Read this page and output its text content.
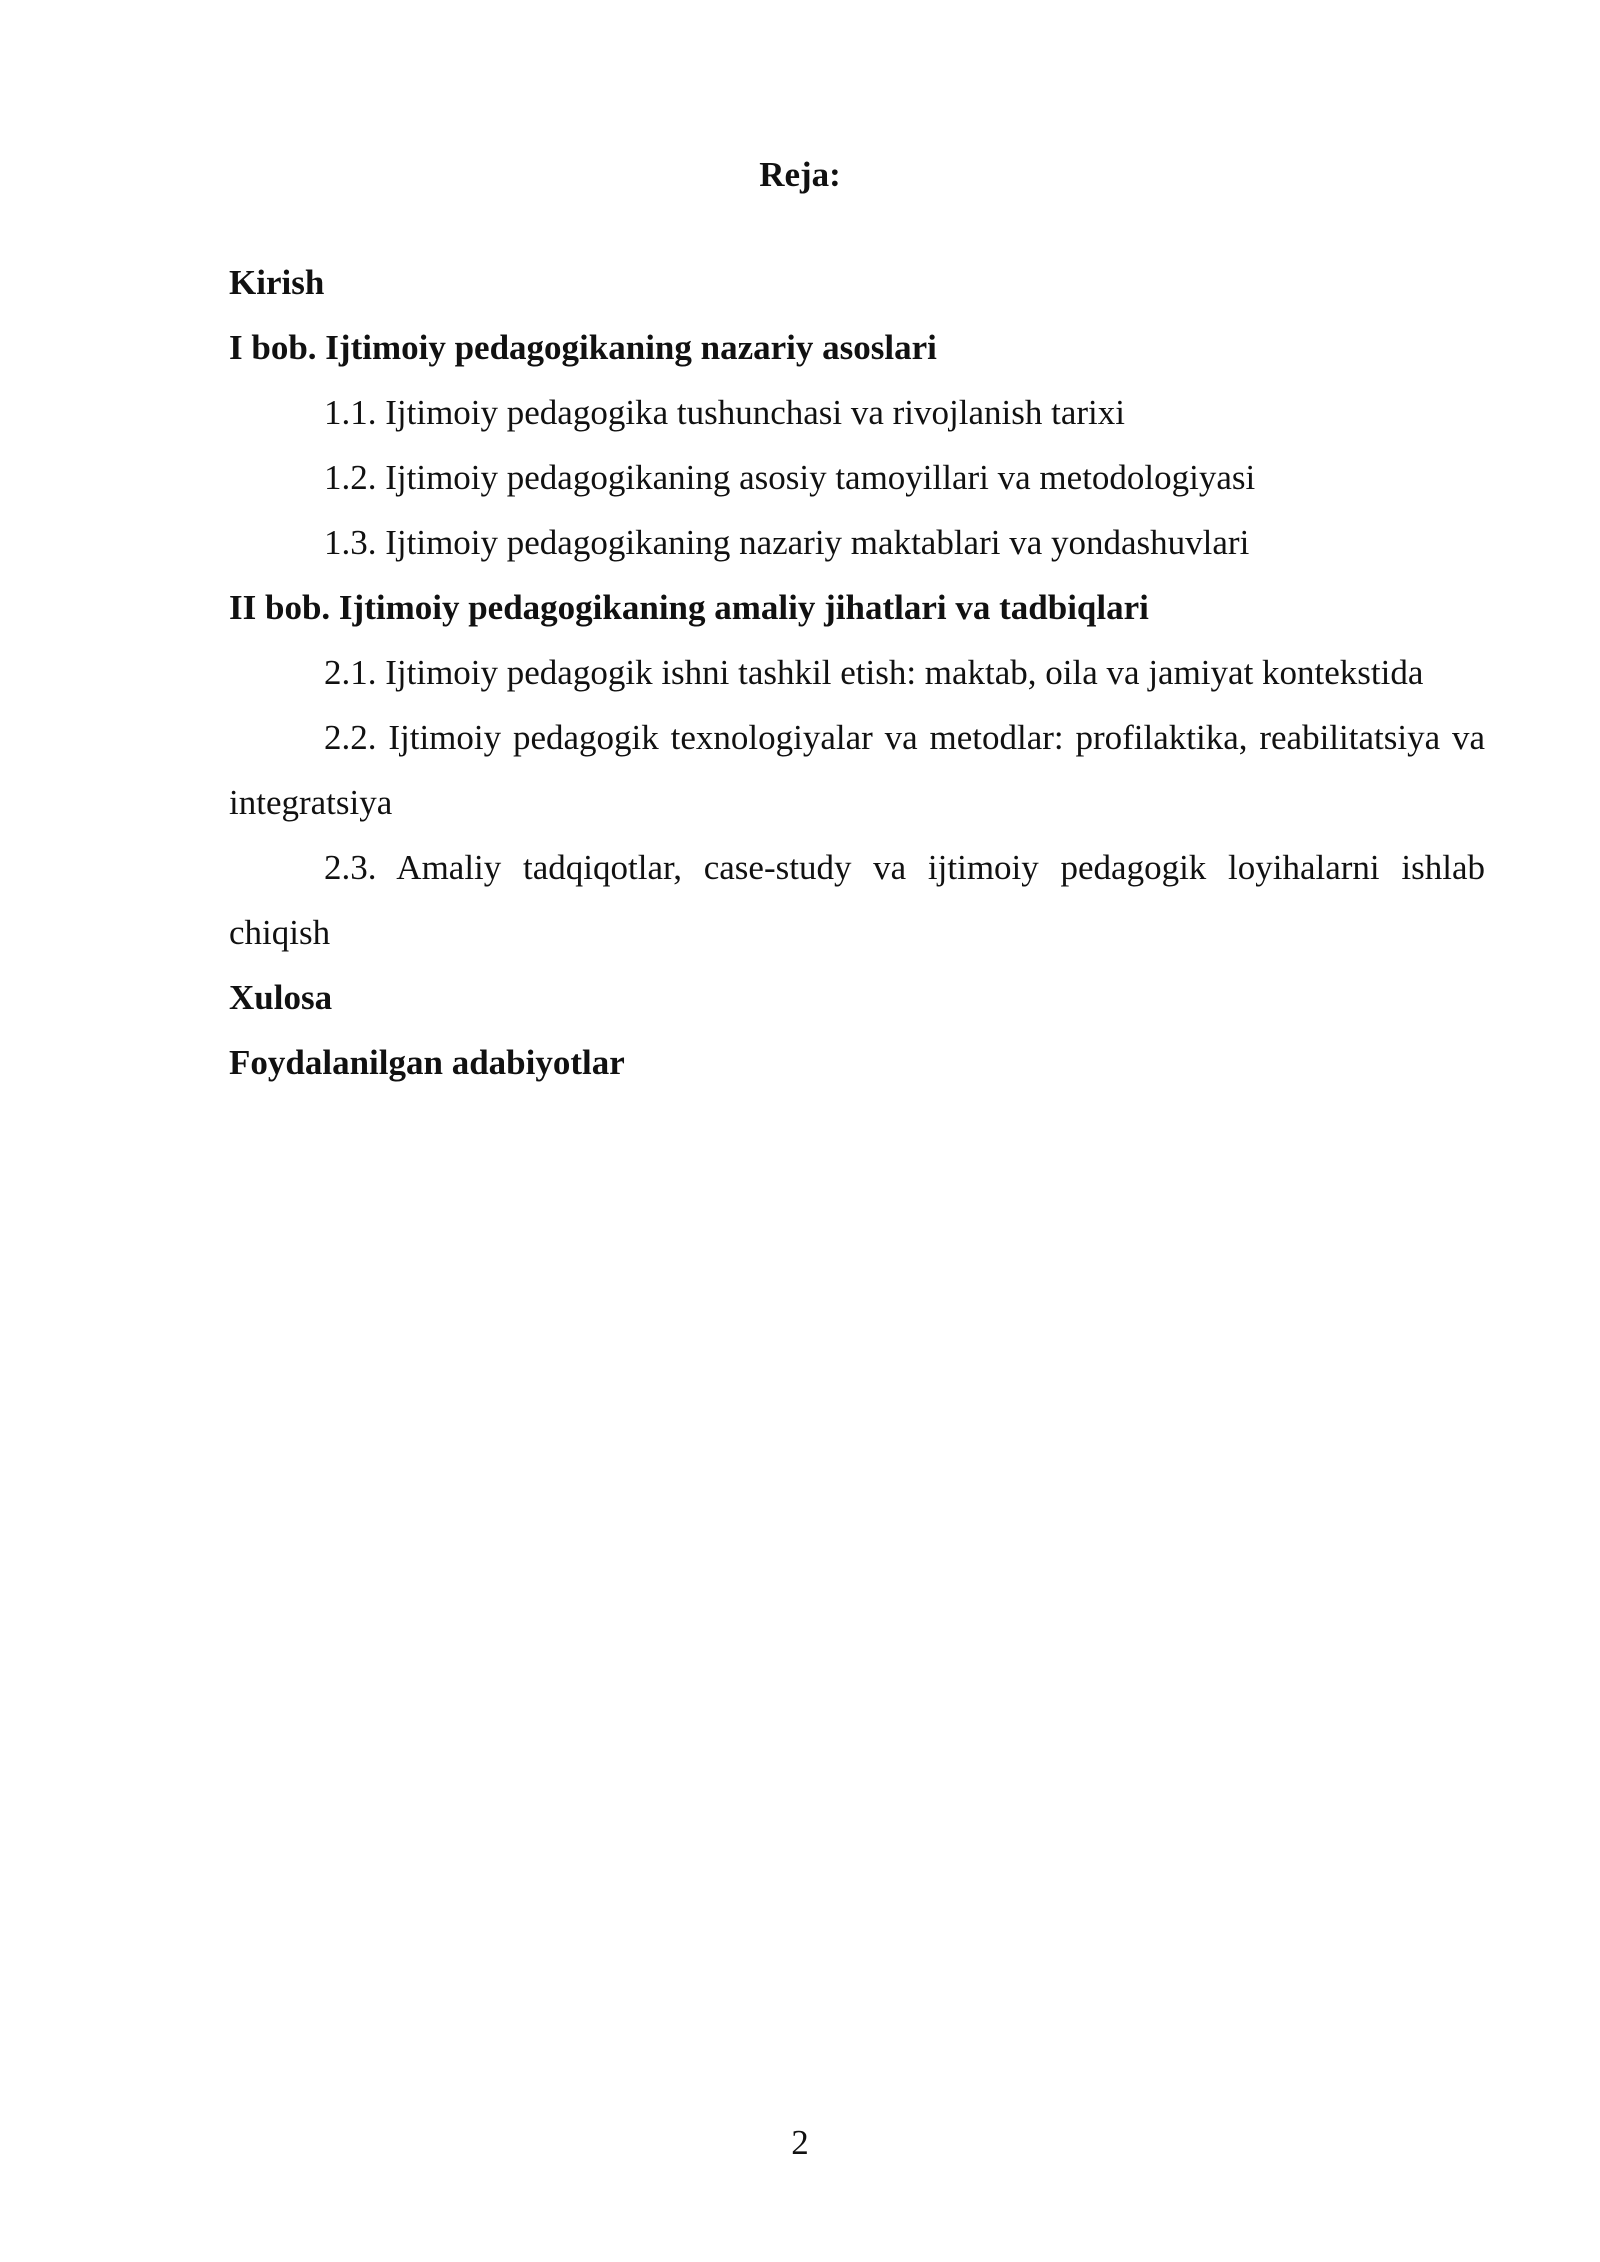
Reja:

Kirish

I bob. Ijtimoiy pedagogikaning nazariy asoslari

1.1. Ijtimoiy pedagogika tushunchasi va rivojlanish tarixi

1.2. Ijtimoiy pedagogikaning asosiy tamoyillari va metodologiyasi

1.3. Ijtimoiy pedagogikaning nazariy maktablari va yondashuvlari

II bob. Ijtimoiy pedagogikaning amaliy jihatlari va tadbiqlari

2.1. Ijtimoiy pedagogik ishni tashkil etish: maktab, oila va jamiyat kontekstida

2.2. Ijtimoiy pedagogik texnologiyalar va metodlar: profilaktika, reabilitatsiya va integratsiya

2.3. Amaliy tadqiqotlar, case-study va ijtimoiy pedagogik loyihalarni ishlab chiqish

Xulosa

Foydalanilgan adabiyotlar

2
